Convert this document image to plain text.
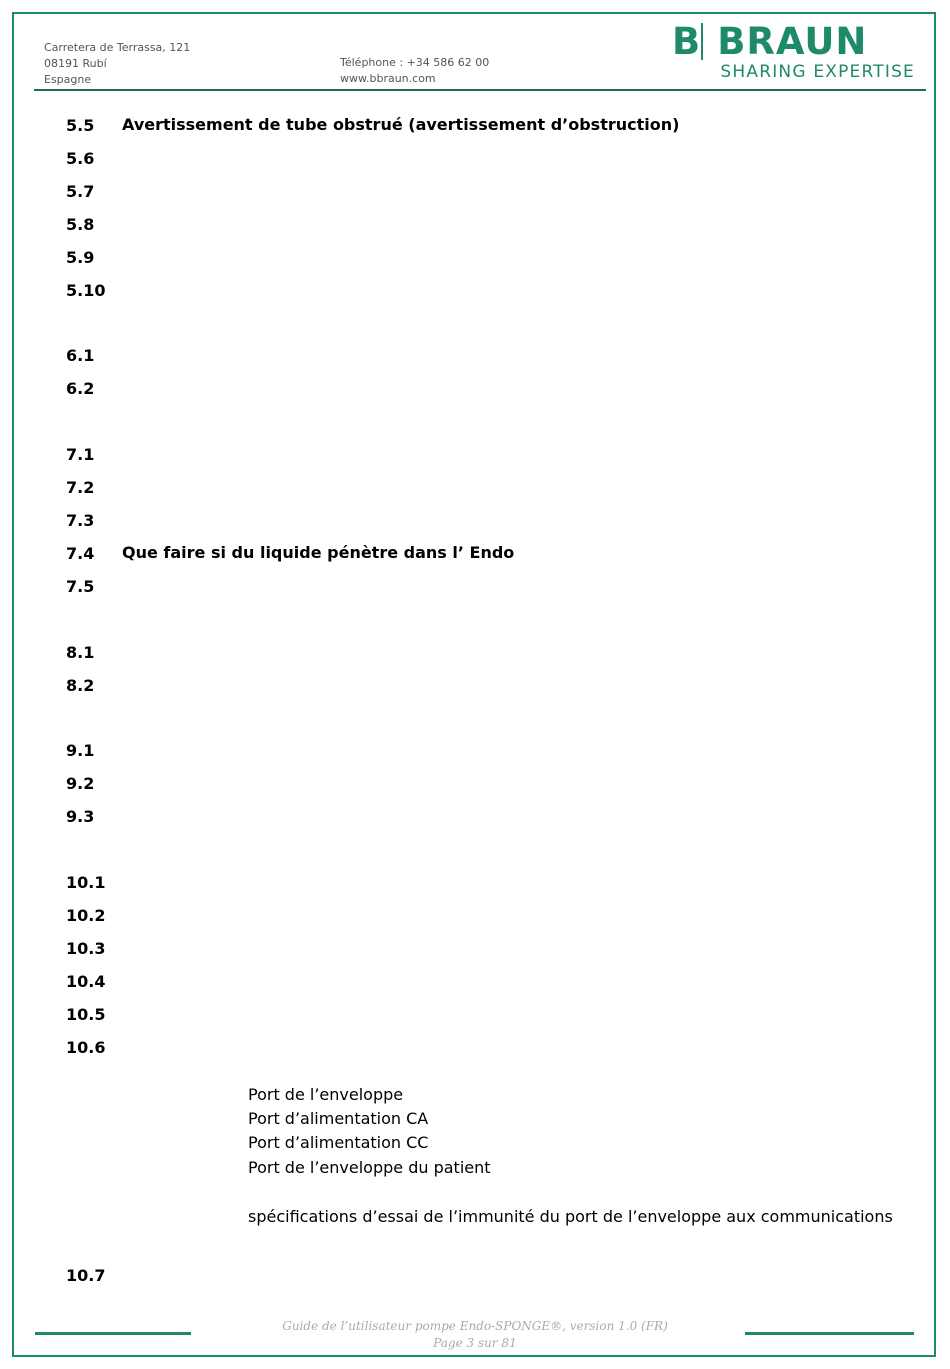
Carretera de Terrassa, 121
08191 Rubí
Espagne
Téléphone : +34 586 62 00
www.bbraun.com
B BRAUN
SHARING EXPERTISE
5.5 Avertissement de tube obstrué (avertissement d’obstruction)
5.6
5.7
5.8
5.9
5.10
6.1
6.2
7.1
7.2
7.3
7.4 Que faire si du liquide pénètre dans l’ Endo
7.5
8.1
8.2
9.1
9.2
9.3
10.1
10.2
10.3
10.4
10.5
10.6
Port de l’enveloppe
Port d’alimentation CA
Port d’alimentation CC
Port de l’enveloppe du patient
spécifications d’essai de l’immunité du port de l’enveloppe aux communications
10.7
Guide de l’utilisateur pompe Endo-SPONGE®, version 1.0 (FR)
Page 3 sur 81
